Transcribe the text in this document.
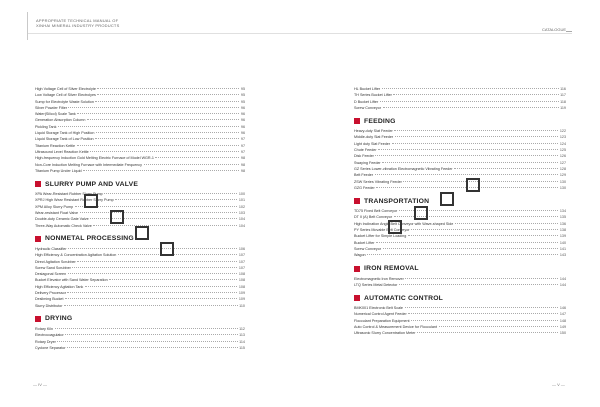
APPROPRIATE TECHNICAL MANUAL OF
XINHAI MINERAL INDUSTRY PRODUCTS
CATALOGUE
High Voltage Cell of Silver Electrolyte	95
Low Voltage Cell of Silver Electrolyes	95
Sump for Electrolyte Waste Solution	95
Silver Powder Filter	96
Water(Silicol) Scale Tank	96
Generation Absorption Column	96
Pickling Tank	96
Liquid Storage Tank of High Position	96
Liquid Storage Tank of Low Position	97
Titanium Reaction Kettle	97
Ultrasound Level Reaction Kettle	97
High-frequency Induction Gold Melting Electric Furnace of Model WGR-1	98
Non-Core Induction Melting Furnace with Intermediate Frequency	98
Titanium Pump Under Liquid	98
SLURRY PUMP AND VALVE
XPA Wear-Resistant Rubber Slurry Pump	100
XPRJ High Wear Resistant Rubber Slurry Pump	101
XPM Alloy Slurry Pump	102
Wear-resistant Float Valve	103
Double-duty Ceramic Gate Valve	104
Three-Way Automatic Check Valve	104
NONMETAL PROCESSING
Hydraulic Classifier	106
High Efficiency & Concentration Agitation Solution	107
Direct Agitation Scrubber	107
Screw Sand Scrubber	107
Desiagonal Screen	108
Bucket Elevator with Sand Water Separation	108
High Efficiency Agitation Tank	108
Delivery Processor	109
Desliming Bucket	109
Slurry Distributor	110
DRYING
Rotary Kiln	112
Electrocoagulator	113
Rotary Dryer	114
Cyclone Separator	115
HL Bucket Lifter	116
TH Series Bucket Lifter	117
D Bucket Lifter	118
Screw Conveyor	119
FEEDING
Heavy-duty Slat Feeder	122
Middle-duty Slat Feeder	123
Light duty Slat Feeder	124
Chute Feeder	125
Disk Feeder	126
Swaying Feeder	127
GZ Series Lower-vibration Electromagnetic Vibrating Feeder	128
Belt Feeder	129
ZSW Series Vibrating Feeder	130
GZG Feeder	130
TRANSPORTATION
TD75 Fixed Belt Conveyor	134
DT II (A) Belt Conveyor	135
High Inclination Angle Belt Conveyor with Wave-shaped Side	136
PY Series Movable Belt Conveyor	138
Bucket Lifter for Simple Loading	139
Bucket Lifter	140
Screw Conveyor	141
Wagon	143
IRON REMOVAL
Electromagnetic Iron Remover	144
LTQ Series Metal Detector	144
AUTOMATIC CONTROL
BMK001 Electronic Belt Scale	146
Numerical Control Agent Feeder	147
Flocculant Preparation Equipment	148
Auto Control & Measurement Device for Flocculant	149
Ultrasonic Slurry Concentration Meter	150
— IV —	— V —
